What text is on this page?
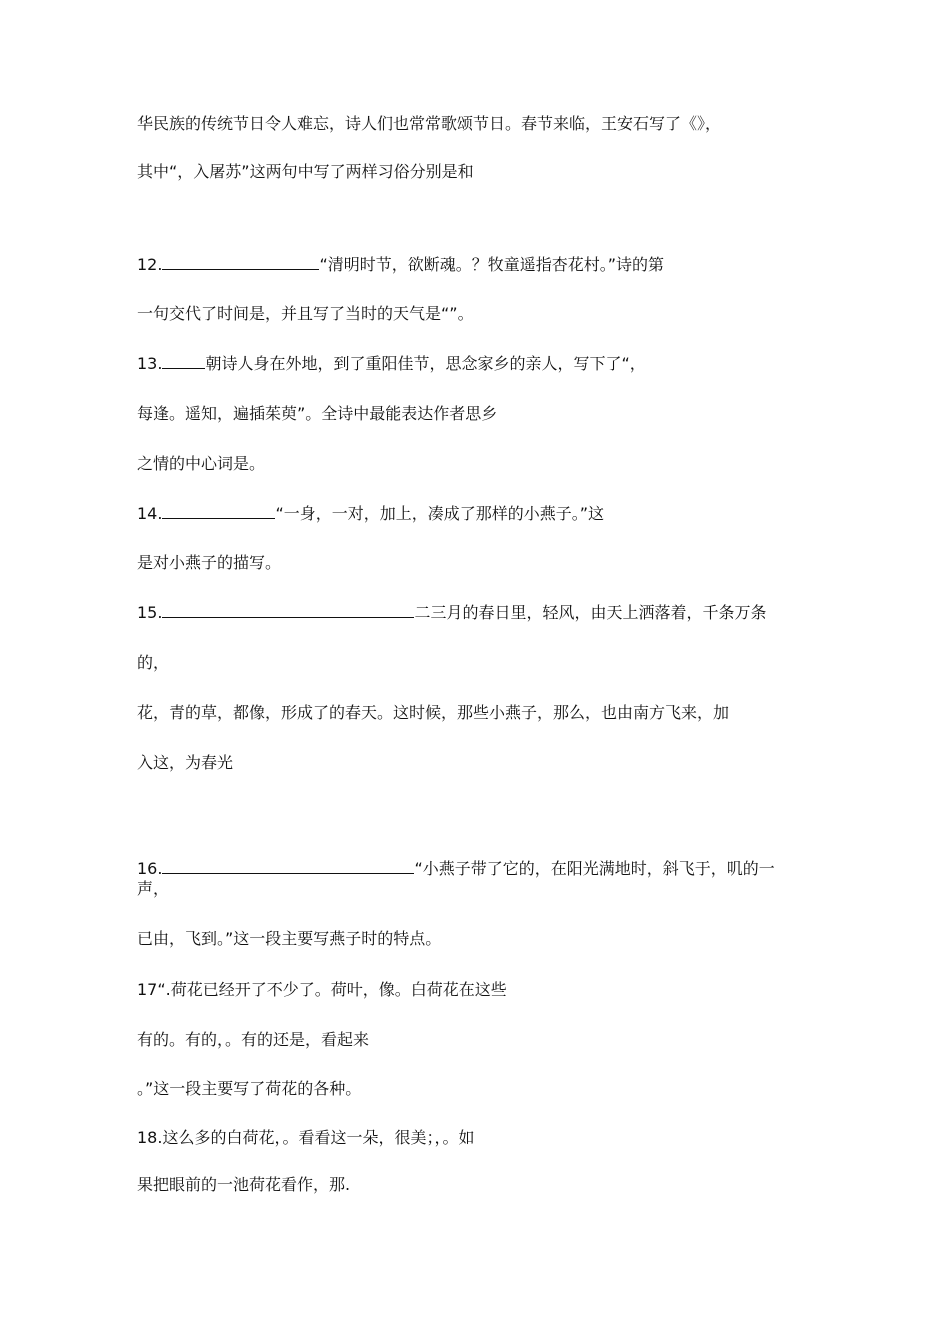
华民族的传统节日令人难忘，诗人们也常常歌颂节日。春节来临，王安石写了《》，
其中“，入屠苏”这两句中写了两样习俗分别是和
12.	“清明时节，欲断魂。？牧童遥指杏花村。”诗的第
一句交代了时间是，并且写了当时的天气是“”。
13.	朝诗人身在外地，到了重阳佳节，思念家乡的亲人，写下了“，
每逢。遥知，遍插茱萸”。全诗中最能表达作者思乡
之情的中心词是。
14.	“一身，一对，加上，凑成了那样的小燕子。”这
是对小燕子的描写。
15.	二三月的春日里，轻风，由天上洒落着，千条万条
的，
花，青的草，都像，形成了的春天。这时候，那些小燕子，那么，也由南方飞来，加
入这，为春光
16.	“小燕子带了它的，在阳光满地时，斜飞于，叽的一
声，
已由，飞到。”这一段主要写燕子时的特点。
17“.荷花已经开了不少了。荷叶，像。白荷花在这些
有的。有的，。有的还是，看起来
。”这一段主要写了荷花的各种。
18.这么多的白荷花，。看看这一朵，很美；，。如
果把眼前的一池荷花看作，那.
